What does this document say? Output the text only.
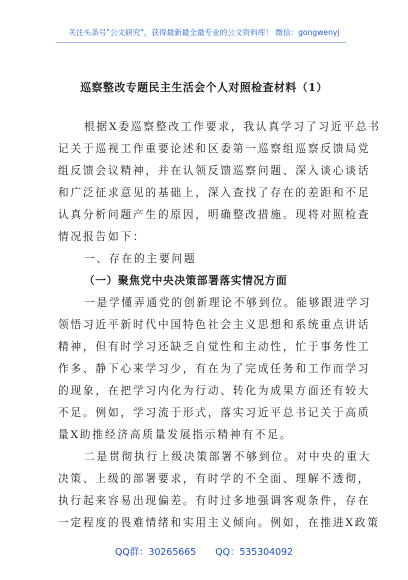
关注头条号"公文研究"，获得最新最全最专业的公文资料库！ 微信：gongwenyj
巡察整改专题民主生活会个人对照检查材料（1）
根据X委巡察整改工作要求，我认真学习了习近平总书
记关于巡视工作重要论述和区委第一巡察组巡察反馈局党
组反馈会议精神，并在认领反馈巡察问题、深入谈心谈话
和广泛征求意见的基础上，深入查找了存在的差距和不足
认真分析问题产生的原因，明确整改措施。现将对照检查
情况报告如下：
一、存在的主要问题
（一）聚焦党中央决策部署落实情况方面
一是学懂弄通党的创新理论不够到位。能够跟进学习
领悟习近平新时代中国特色社会主义思想和系统重点讲话
精神，但有时学习还缺乏自觉性和主动性，忙于事务性工
作多、静下心来学习少，有在为了完成任务和工作而学习
的现象，在把学习内化为行动、转化为成果方面还有较大
不足。例如，学习流于形式，落实习近平总书记关于高质
量X助推经济高质量发展指示精神有不足。
二是贯彻执行上级决策部署不够到位。对中央的重大
决策、上级的部署要求，有时学的不全面、理解不透彻，
执行起来容易出现偏差。有时过多地强调客观条件，存在
一定程度的畏难情绪和实用主义倾向。例如，在推进X政策
QQ群：30265665 QQ：535304092
